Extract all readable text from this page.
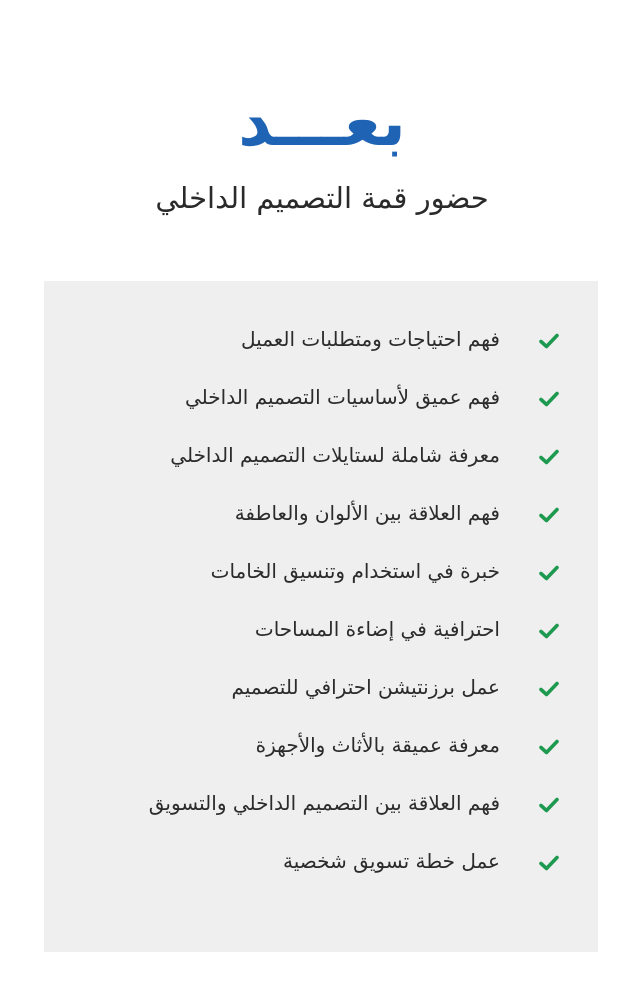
بعـــد
حضور قمة التصميم الداخلي
فهم احتياجات ومتطلبات العميل
فهم عميق لأساسيات التصميم الداخلي
معرفة شاملة لستايلات التصميم الداخلي
فهم العلاقة بين الألوان والعاطفة
خبرة في استخدام وتنسيق الخامات
احترافية في إضاءة المساحات
عمل برزنتيشن احترافي للتصميم
معرفة عميقة بالأثاث والأجهزة
فهم العلاقة بين التصميم الداخلي والتسويق
عمل خطة تسويق شخصية
